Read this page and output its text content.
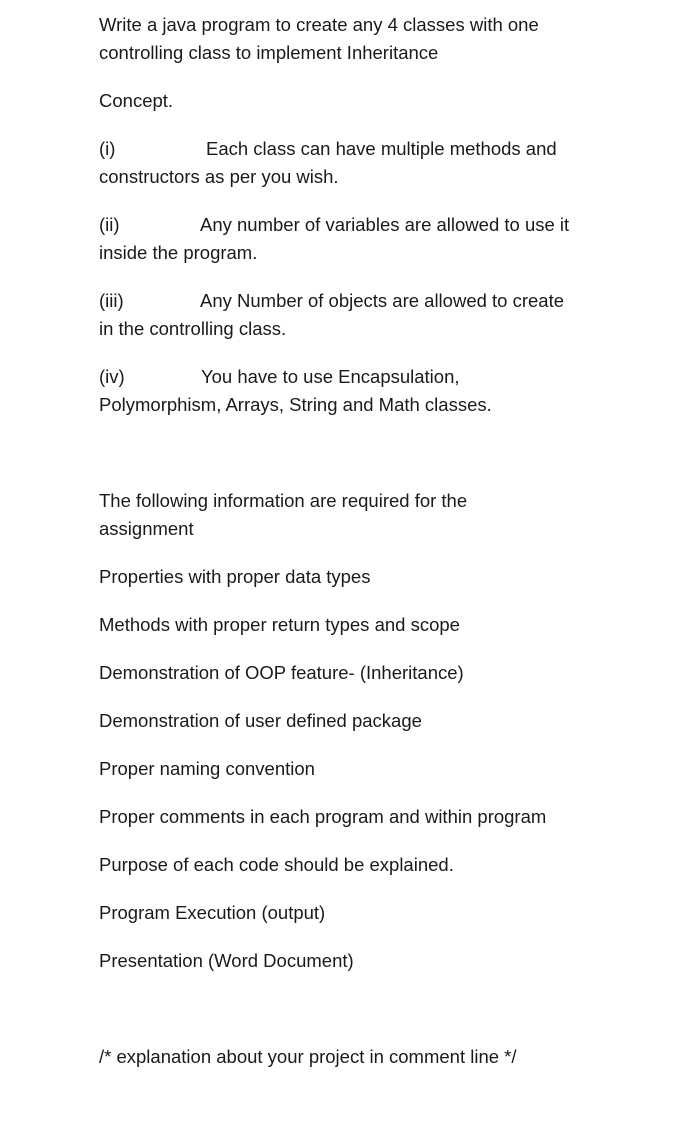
Write a java program to create any 4 classes with one
controlling class to implement Inheritance

Concept.

(i)	Each class can have multiple methods and
constructors as per you wish.

(ii)	Any number of variables are allowed to use it
inside the program.

(iii)	Any Number of objects are allowed to create
in the controlling class.

(iv)	You have to use Encapsulation,
Polymorphism, Arrays, String and Math classes.

The following information are required for the
assignment

Properties with proper data types

Methods with proper return types and scope

Demonstration of OOP feature- (Inheritance)

Demonstration of user defined package

Proper naming convention

Proper comments in each program and within program

Purpose of each code should be explained.

Program Execution (output)

Presentation (Word Document)

/* explanation about your project in comment line */
